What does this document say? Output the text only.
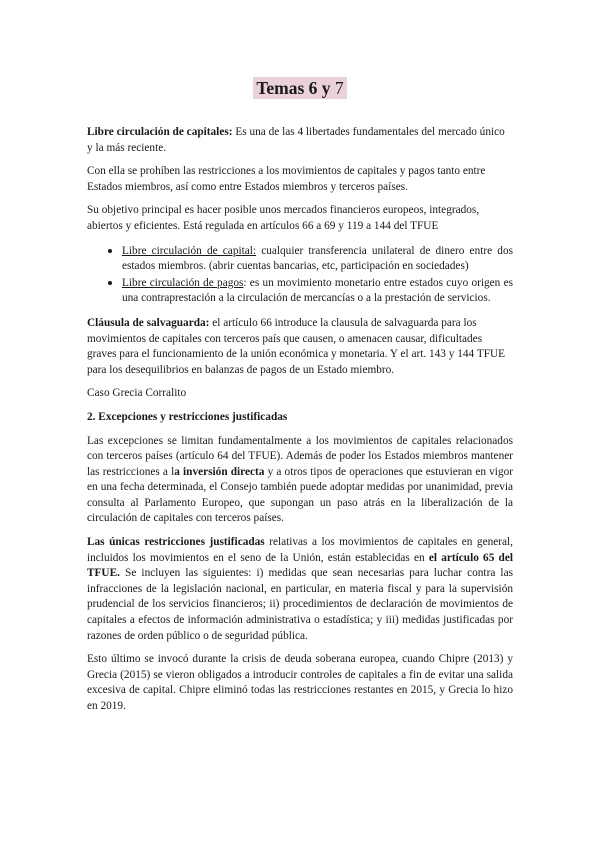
Temas 6 y 7

Libre circulación de capitales: Es una de las 4 libertades fundamentales del mercado único y la más reciente.

Con ella se prohíben las restricciones a los movimientos de capitales y pagos tanto entre Estados miembros, así como entre Estados miembros y terceros países.

Su objetivo principal es hacer posible unos mercados financieros europeos, integrados, abiertos y eficientes. Está regulada en artículos 66 a 69 y 119 a 144 del TFUE

• Libre circulación de capital: cualquier transferencia unilateral de dinero entre dos estados miembros. (abrir cuentas bancarias, etc, participación en sociedades)
• Libre circulación de pagos: es un movimiento monetario entre estados cuyo origen es una contraprestación a la circulación de mercancías o a la prestación de servicios.

Cláusula de salvaguarda: el artículo 66 introduce la clausula de salvaguarda para los movimientos de capitales con terceros país que causen, o amenacen causar, dificultades graves para el funcionamiento de la unión económica y monetaria. Y el art. 143 y 144 TFUE para los desequilibrios en balanzas de pagos de un Estado miembro.

Caso Grecia Corralito

2. Excepciones y restricciones justificadas

Las excepciones se limitan fundamentalmente a los movimientos de capitales relacionados con terceros países (artículo 64 del TFUE). Además de poder los Estados miembros mantener las restricciones a la inversión directa y a otros tipos de operaciones que estuvieran en vigor en una fecha determinada, el Consejo también puede adoptar medidas por unanimidad, previa consulta al Parlamento Europeo, que supongan un paso atrás en la liberalización de la circulación de capitales con terceros países.

Las únicas restricciones justificadas relativas a los movimientos de capitales en general, incluidos los movimientos en el seno de la Unión, están establecidas en el artículo 65 del TFUE. Se incluyen las siguientes: i) medidas que sean necesarias para luchar contra las infracciones de la legislación nacional, en particular, en materia fiscal y para la supervisión prudencial de los servicios financieros; ii) procedimientos de declaración de movimientos de capitales a efectos de información administrativa o estadística; y iii) medidas justificadas por razones de orden público o de seguridad pública.

Esto último se invocó durante la crisis de deuda soberana europea, cuando Chipre (2013) y Grecia (2015) se vieron obligados a introducir controles de capitales a fin de evitar una salida excesiva de capital. Chipre eliminó todas las restricciones restantes en 2015, y Grecia lo hizo en 2019.
